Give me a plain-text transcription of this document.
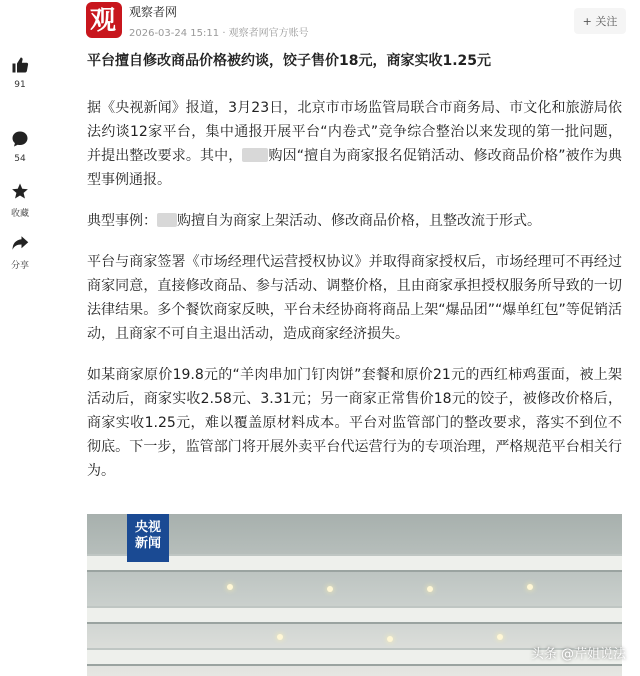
91
54
收藏
分享
观 观察者网
2026-03-24 15:11 · 观察者网官方账号
+ 关注
平台擅自修改商品价格被约谈，饺子售价18元，商家实收1.25元

据《央视新闻》报道，3月23日，北京市市场监管局联合市商务局、市文化和旅游局依法约谈12家平台，集中通报开展平台“内卷式”竞争综合整治以来发现的第一批问题，并提出整改要求。其中， 购因“擅自为商家报名促销活动、修改商品价格”被作为典型事例通报。

典型事例： 购擅自为商家上架活动、修改商品价格，且整改流于形式。

平台与商家签署《市场经理代运营授权协议》并取得商家授权后，市场经理可不再经过商家同意，直接修改商品、参与活动、调整价格，且由商家承担授权服务所导致的一切法律结果。多个餐饮商家反映，平台未经协商将商品上架“爆品团”“爆单红包”等促销活动，且商家不可自主退出活动，造成商家经济损失。

如某商家原价19.8元的“羊肉串加门钉肉饼”套餐和原价21元的西红柿鸡蛋面，被上架活动后，商家实收2.58元、3.31元；另一商家正常售价18元的饺子，被修改价格后，商家实收1.25元，难以覆盖原材料成本。平台对监管部门的整改要求，落实不到位不彻底。下一步，监管部门将开展外卖平台代运营行为的专项治理，严格规范平台相关行为。

央视
新闻
头条 @芹姐说法
